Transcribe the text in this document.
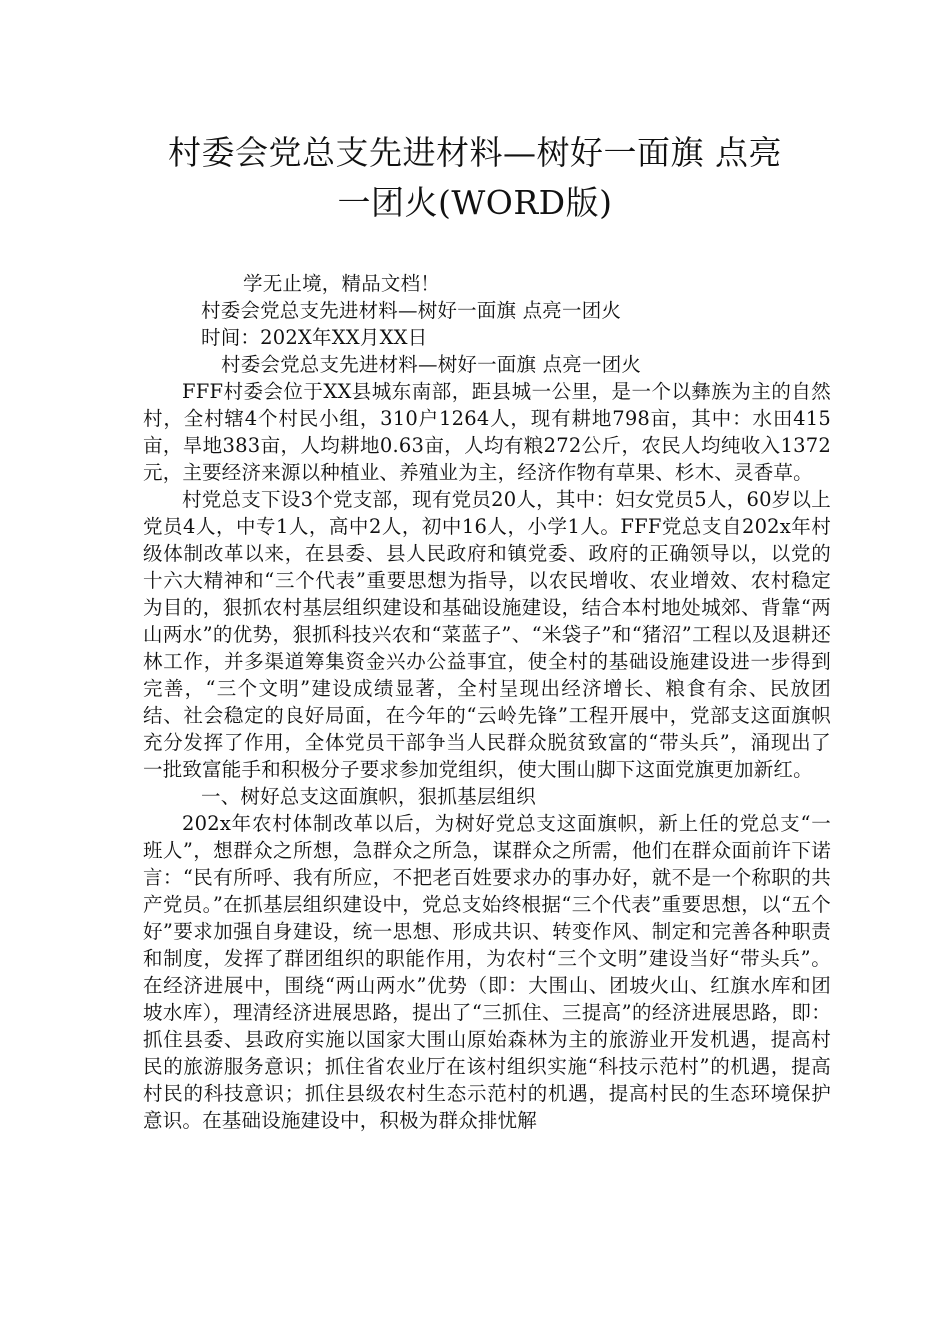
村委会党总支先进材料—树好一面旗 点亮
一团火(WORD版)
学无止境，精品文档！
村委会党总支先进材料—树好一面旗 点亮一团火
时间：202X年XX月XX日
村委会党总支先进材料—树好一面旗 点亮一团火

FFF村委会位于XX县城东南部，距县城一公里，是一个以彝族为主的自然村，全村辖4个村民小组，310户1264人，现有耕地798亩，其中：水田415亩，旱地383亩，人均耕地0.63亩，人均有粮272公斤，农民人均纯收入1372元，主要经济来源以种植业、养殖业为主，经济作物有草果、杉木、灵香草。

村党总支下设3个党支部，现有党员20人，其中：妇女党员5人，60岁以上党员4人，中专1人，高中2人，初中16人，小学1人。FFF党总支自202x年村级体制改革以来，在县委、县人民政府和镇党委、政府的正确领导以，以党的十六大精神和“三个代表”重要思想为指导，以农民增收、农业增效、农村稳定为目的，狠抓农村基层组织建设和基础设施建设，结合本村地处城郊、背靠“两山两水”的优势，狠抓科技兴农和“菜蓝子”、“米袋子”和“猪沼”工程以及退耕还林工作，并多渠道筹集资金兴办公益事宜，使全村的基础设施建设进一步得到完善，“三个文明”建设成绩显著，全村呈现出经济增长、粮食有余、民放团结、社会稳定的良好局面，在今年的“云岭先锋”工程开展中，党部支这面旗帜充分发挥了作用，全体党员干部争当人民群众脱贫致富的“带头兵”，涌现出了一批致富能手和积极分子要求参加党组织，使大围山脚下这面党旗更加新红。

一、树好总支这面旗帜，狠抓基层组织

202x年农村体制改革以后，为树好党总支这面旗帜，新上任的党总支“一班人”，想群众之所想，急群众之所急，谋群众之所需，他们在群众面前许下诺言：“民有所呼、我有所应，不把老百姓要求办的事办好，就不是一个称职的共产党员。”在抓基层组织建设中，党总支始终根据“三个代表”重要思想，以“五个好”要求加强自身建设，统一思想、形成共识、转变作风、制定和完善各种职责和制度，发挥了群团组织的职能作用，为农村“三个文明”建设当好“带头兵”。在经济进展中，围绕“两山两水”优势（即：大围山、团坡火山、红旗水库和团坡水库），理清经济进展思路，提出了“三抓住、三提高”的经济进展思路，即：抓住县委、县政府实施以国家大围山原始森林为主的旅游业开发机遇，提高村民的旅游服务意识；抓住省农业厅在该村组织实施“科技示范村”的机遇，提高村民的科技意识；抓住县级农村生态示范村的机遇，提高村民的生态环境保护意识。在基础设施建设中，积极为群众排忧解
